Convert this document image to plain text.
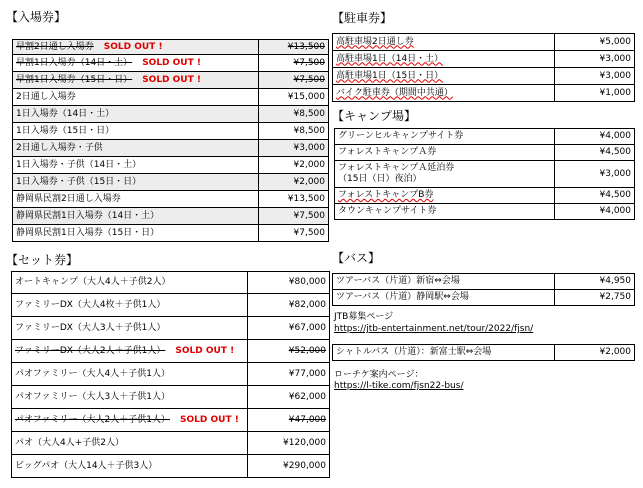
【入場券】
早割2日通し入場券 SOLD OUT !	¥13,500
早割1日入場券（14日・土） SOLD OUT !	¥7,500
早割1日入場券（15日・日） SOLD OUT !	¥7,500
2日通し入場券	¥15,000
1日入場券（14日・土）	¥8,500
1日入場券（15日・日）	¥8,500
2日通し入場券・子供	¥3,000
1日入場券・子供（14日・土）	¥2,000
1日入場券・子供（15日・日）	¥2,000
静岡県民割2日通し入場券	¥13,500
静岡県民割1日入場券（14日・土）	¥7,500
静岡県民割1日入場券（15日・日）	¥7,500
【セット券】
オートキャンプ（大人4人＋子供2人）	¥80,000
ファミリーDX（大人4枚＋子供1人）	¥82,000
ファミリーDX（大人3人＋子供1人）	¥67,000
ファミリーDX（大人2人＋子供1人） SOLD OUT !	¥52,000
パオファミリー（大人4人＋子供1人）	¥77,000
パオファミリー（大人3人＋子供1人）	¥62,000
パオファミリー（大人2人＋子供1人） SOLD OUT !	¥47,000
パオ（大人4人+子供2人）	¥120,000
ビッグパオ（大人14人＋子供3人）	¥290,000
【駐車券】
高駐車場2日通し券	¥5,000
高駐車場1日（14日・土）	¥3,000
高駐車場1日（15日・日）	¥3,000
バイク駐車券（期間中共通）	¥1,000
【キャンプ場】
グリーンヒルキャンプサイト券	¥4,000
フォレストキャンプＡ券	¥4,500

フォレストキャンプＡ延泊券
（15日（日）夜泊）	¥3,000
フォレストキャンプB券	¥4,500
タウンキャンプサイト券	¥4,000
【バス】
ツアーバス（片道）新宿⇔会場	¥4,950
ツアーバス（片道）静岡駅⇔会場	¥2,750
JTB募集ページ
https://jtb-entertainment.net/tour/2022/fjsn/
シャトルバス（片道）：新富士駅⇔会場	¥2,000
ローチケ案内ページ：
https://l-tike.com/fjsn22-bus/
